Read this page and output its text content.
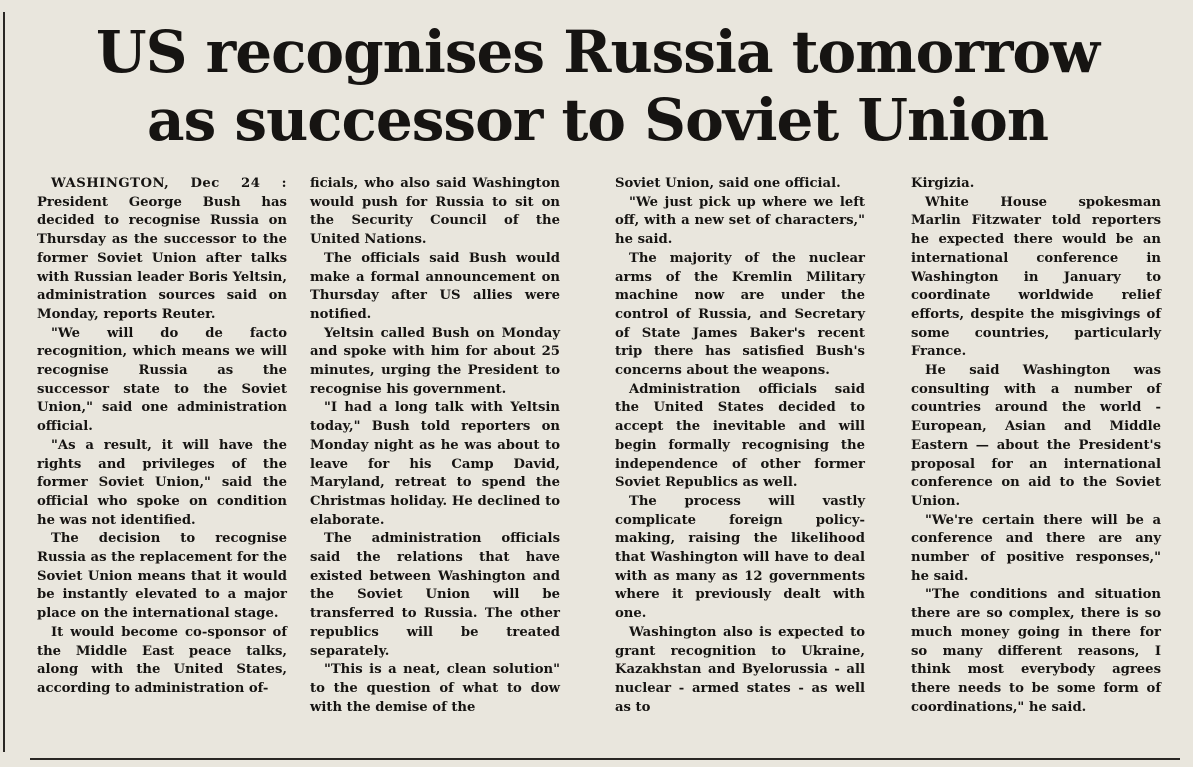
US recognises Russia tomorrow
as successor to Soviet Union

WASHINGTON, Dec 24 : President George Bush has decided to recognise Russia on Thursday as the successor to the former Soviet Union after talks with Russian leader Boris Yeltsin, administration sources said on Monday, reports Reuter.

"We will do de facto recognition, which means we will recognise Russia as the successor state to the Soviet Union," said one administration official.

"As a result, it will have the rights and privileges of the former Soviet Union," said the official who spoke on condition he was not identified.

The decision to recognise Russia as the replacement for the Soviet Union means that it would be instantly elevated to a major place on the international stage.

It would become co-sponsor of the Middle East peace talks, along with the United States, according to administration of-

ficials, who also said Washington would push for Russia to sit on the Security Council of the United Nations.

The officials said Bush would make a formal announcement on Thursday after US allies were notified.

Yeltsin called Bush on Monday and spoke with him for about 25 minutes, urging the President to recognise his government.

"I had a long talk with Yeltsin today," Bush told reporters on Monday night as he was about to leave for his Camp David, Maryland, retreat to spend the Christmas holiday. He declined to elaborate.

The administration officials said the relations that have existed between Washington and the Soviet Union will be transferred to Russia. The other republics will be treated separately.

"This is a neat, clean solution" to the question of what to dow with the demise of the

Soviet Union, said one official.

"We just pick up where we left off, with a new set of characters," he said.

The majority of the nuclear arms of the Kremlin Military machine now are under the control of Russia, and Secretary of State James Baker's recent trip there has satisfied Bush's concerns about the weapons.

Administration officials said the United States decided to accept the inevitable and will begin formally recognising the independence of other former Soviet Republics as well.

The process will vastly complicate foreign policy-making, raising the likelihood that Washington will have to deal with as many as 12 governments where it previously dealt with one.

Washington also is expected to grant recognition to Ukraine, Kazakhstan and Byelorussia - all nuclear - armed states - as well as to

Kirgizia.

White House spokesman Marlin Fitzwater told reporters he expected there would be an international conference in Washington in January to coordinate worldwide relief efforts, despite the misgivings of some countries, particularly France.

He said Washington was consulting with a number of countries around the world - European, Asian and Middle Eastern — about the President's proposal for an international conference on aid to the Soviet Union.

"We're certain there will be a conference and there are any number of positive responses," he said.

"The conditions and situation there are so complex, there is so much money going in there for so many different reasons, I think most everybody agrees there needs to be some form of coordinations," he said.
